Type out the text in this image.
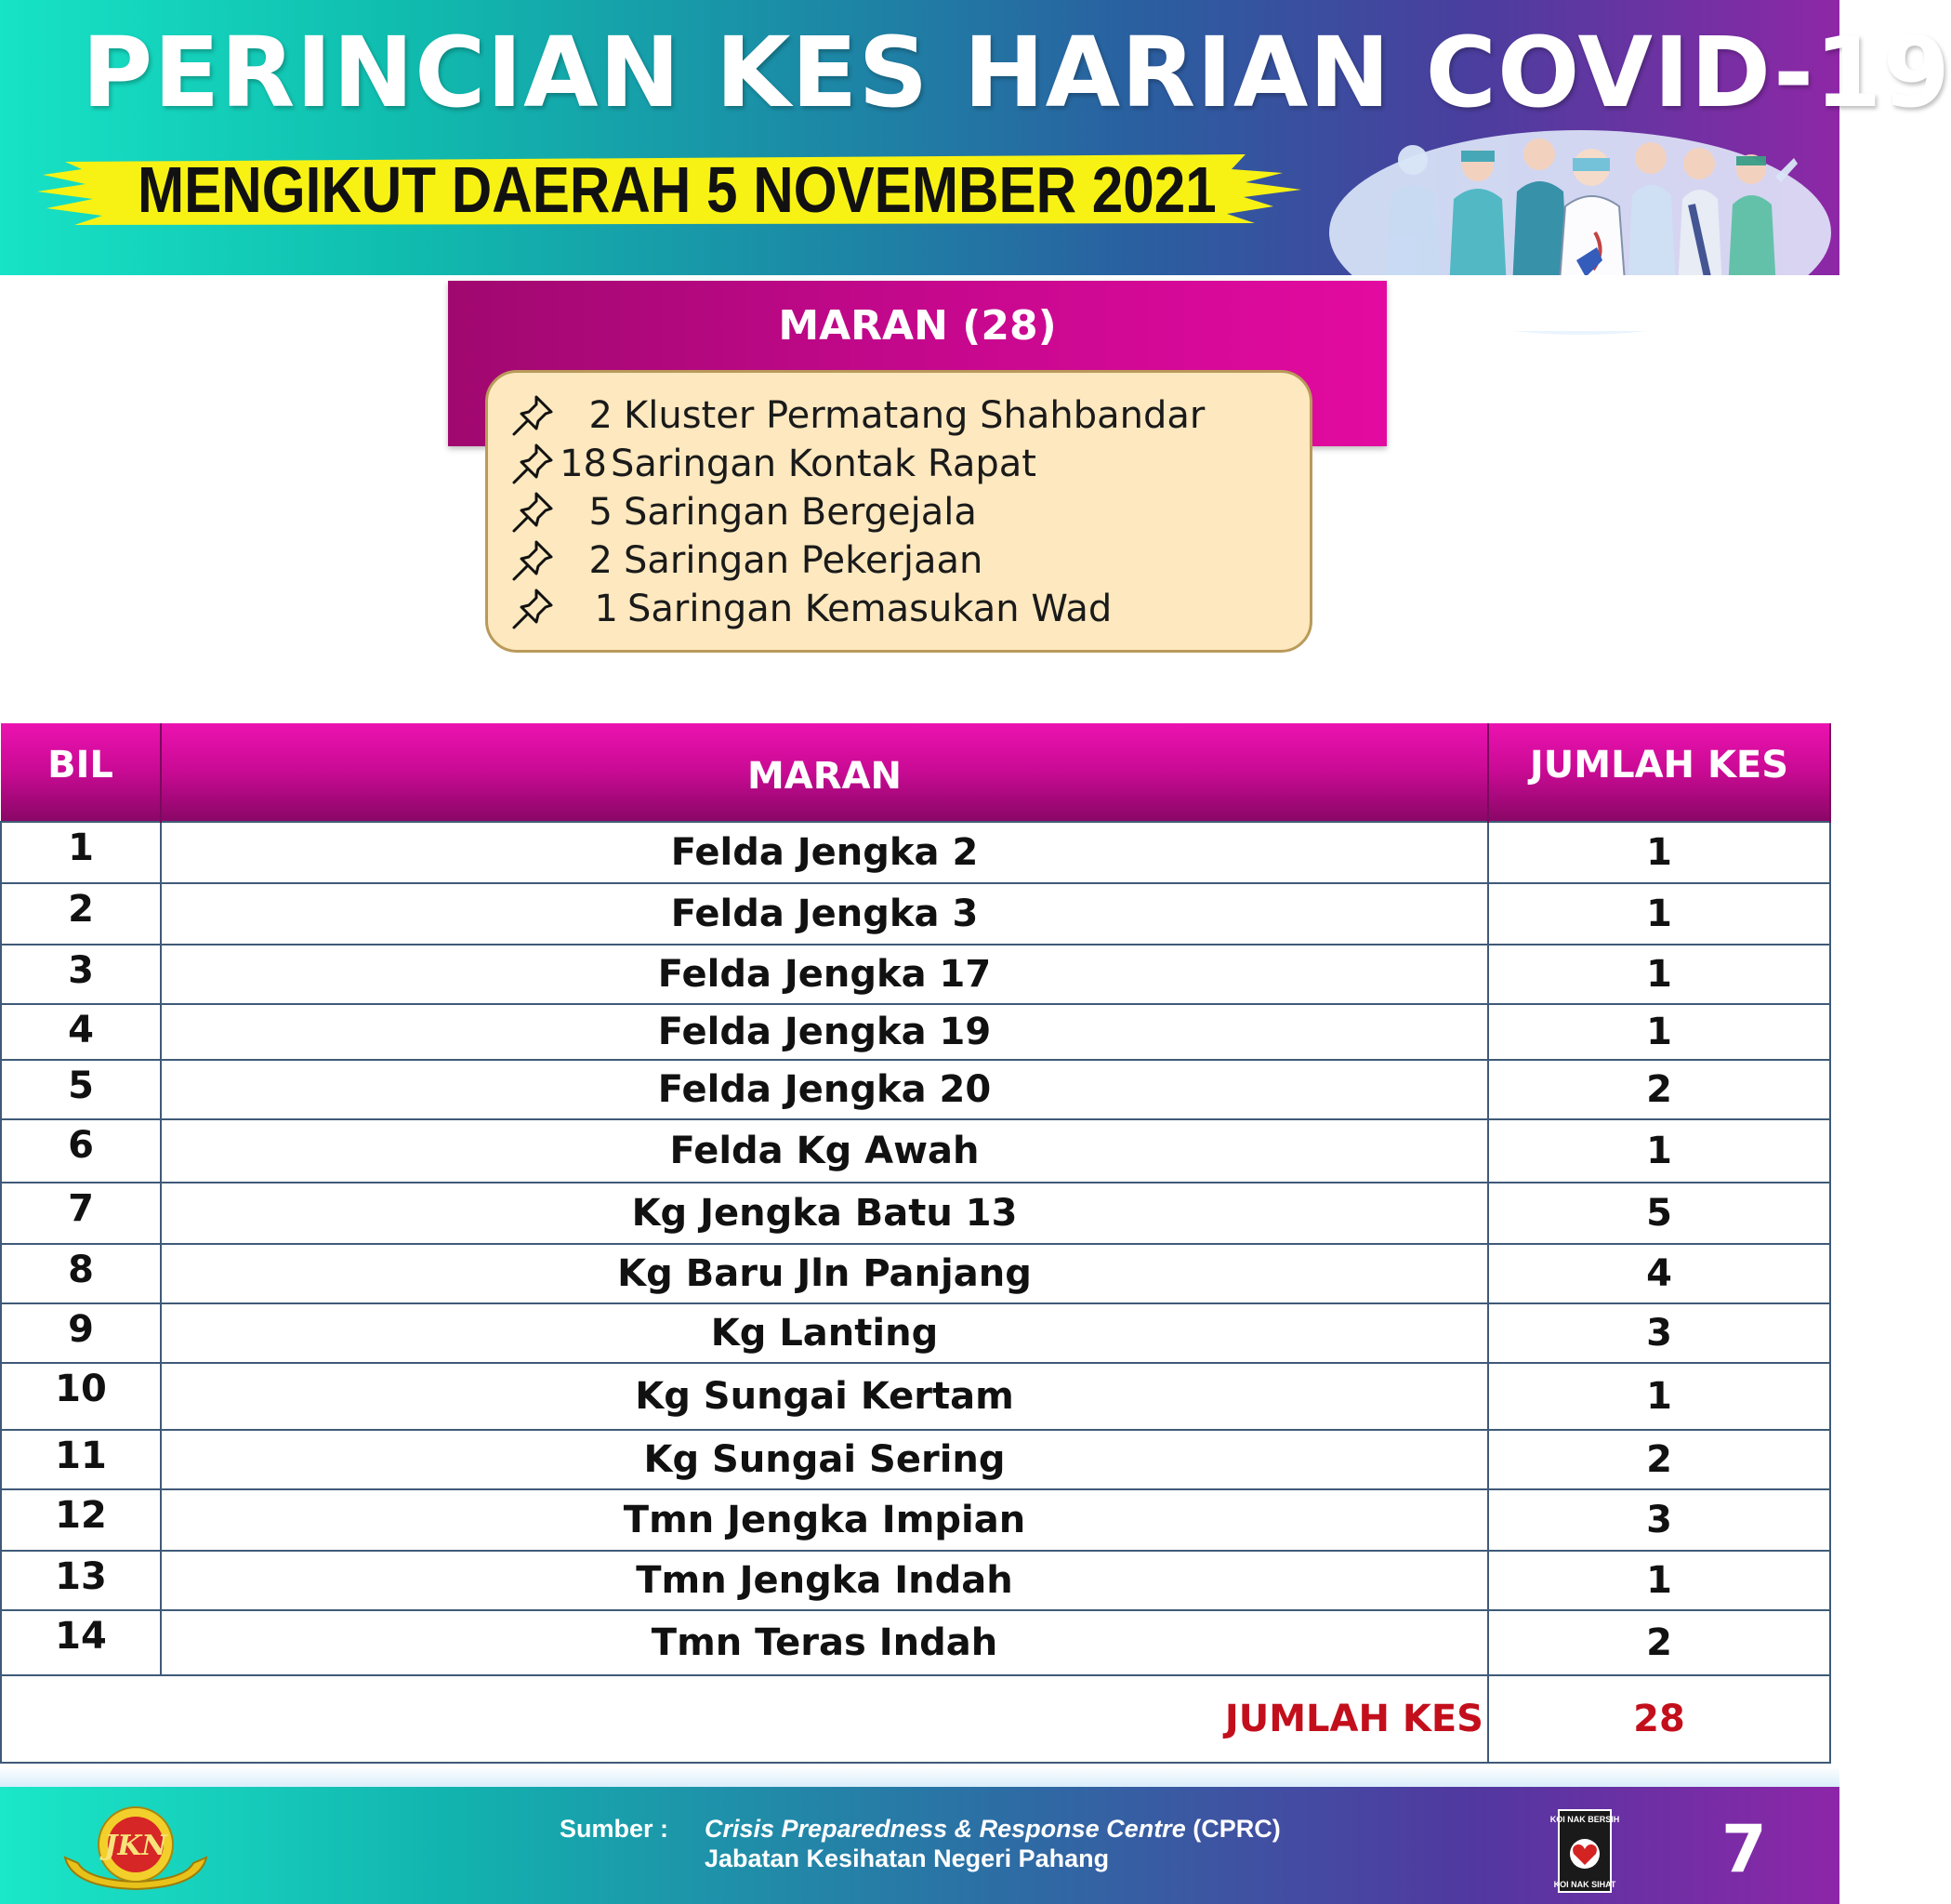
PERINCIAN KES HARIAN COVID-19
MENGIKUT DAERAH 5 NOVEMBER 2021
MARAN (28)
2 Kluster Permatang Shahbandar
18 Saringan Kontak Rapat
5 Saringan Bergejala
2 Saringan Pekerjaan
1 Saringan Kemasukan Wad
BIL	MARAN	JUMLAH KES
1	Felda Jengka 2	1
2	Felda Jengka 3	1
3	Felda Jengka 17	1
4	Felda Jengka 19	1
5	Felda Jengka 20	2
6	Felda Kg Awah	1
7	Kg Jengka Batu 13	5
8	Kg Baru Jln Panjang	4
9	Kg Lanting	3
10	Kg Sungai Kertam	1
11	Kg Sungai Sering	2
12	Tmn Jengka Impian	3
13	Tmn Jengka Indah	1
14	Tmn Teras Indah	2
JUMLAH KES		28
JKN
Sumber : Crisis Preparedness & Response Centre (CPRC)
Jabatan Kesihatan Negeri Pahang
KOI NAK BERSIH
KOI NAK SIHAT 7
